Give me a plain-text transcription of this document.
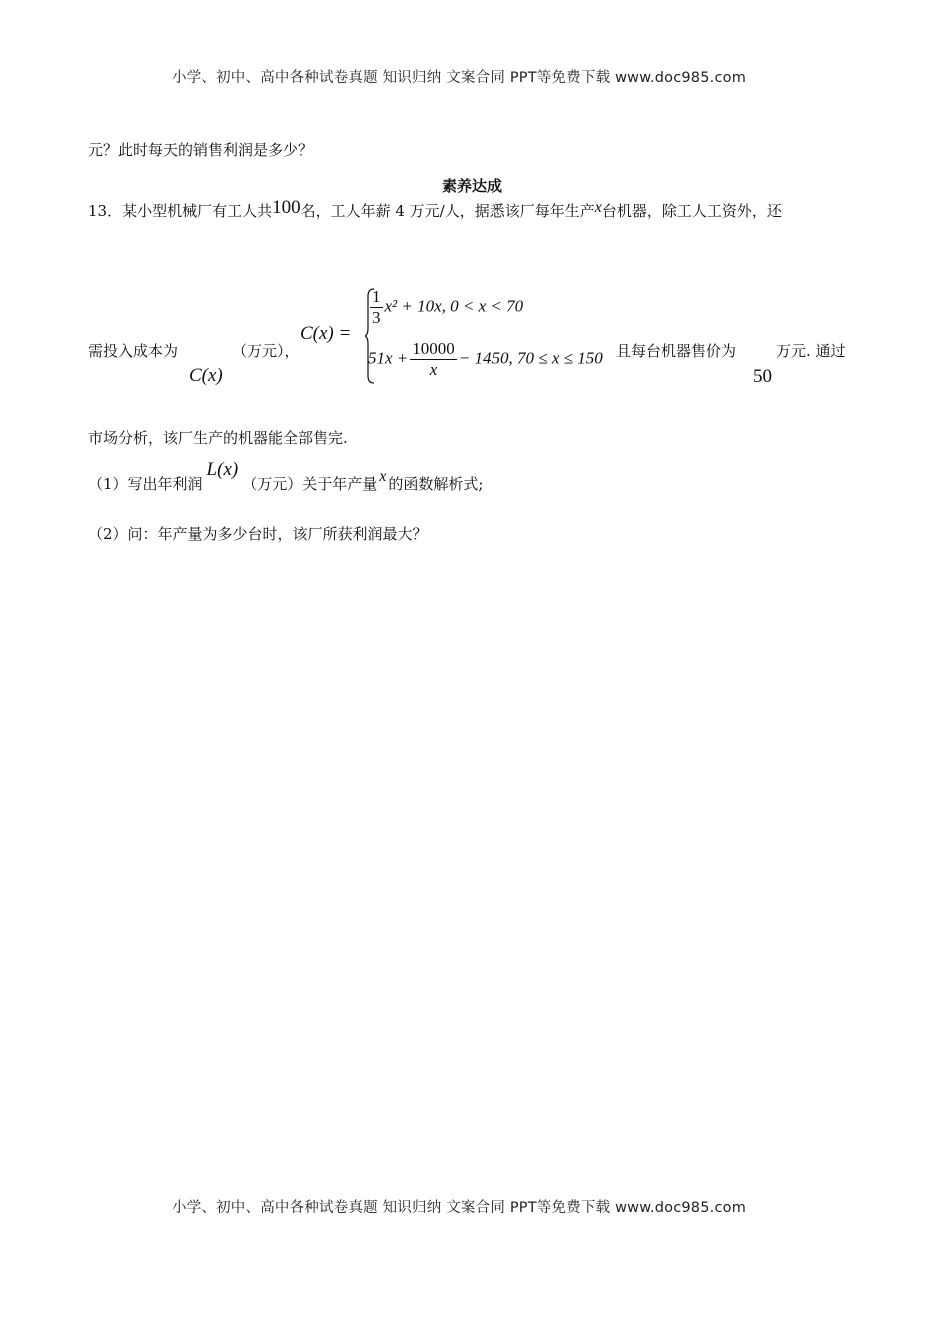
小学、初中、高中各种试卷真题 知识归纳 文案合同 PPT等免费下载 www.doc985.com
元？此时每天的销售利润是多少？
素养达成
13．某小型机械厂有工人共100名，工人年薪 4 万元/人，据悉该厂每年生产x台机器，除工人工资外，还
需投入成本为
C(x)
（万元），
C(x) =
$\frac{1}{3} x^2 + 10x$, 0 < x < 70
$51x + \frac{10000}{x} - 1450$, 70 ≤ x ≤ 150 且每台机器售价为
50
万元. 通过
市场分析，该厂生产的机器能全部售完.
（1）写出年利润L(x)（万元）关于年产量 x 的函数解析式;
（2）问：年产量为多少台时，该厂所获利润最大？
小学、初中、高中各种试卷真题 知识归纳 文案合同 PPT等免费下载 www.doc985.com
